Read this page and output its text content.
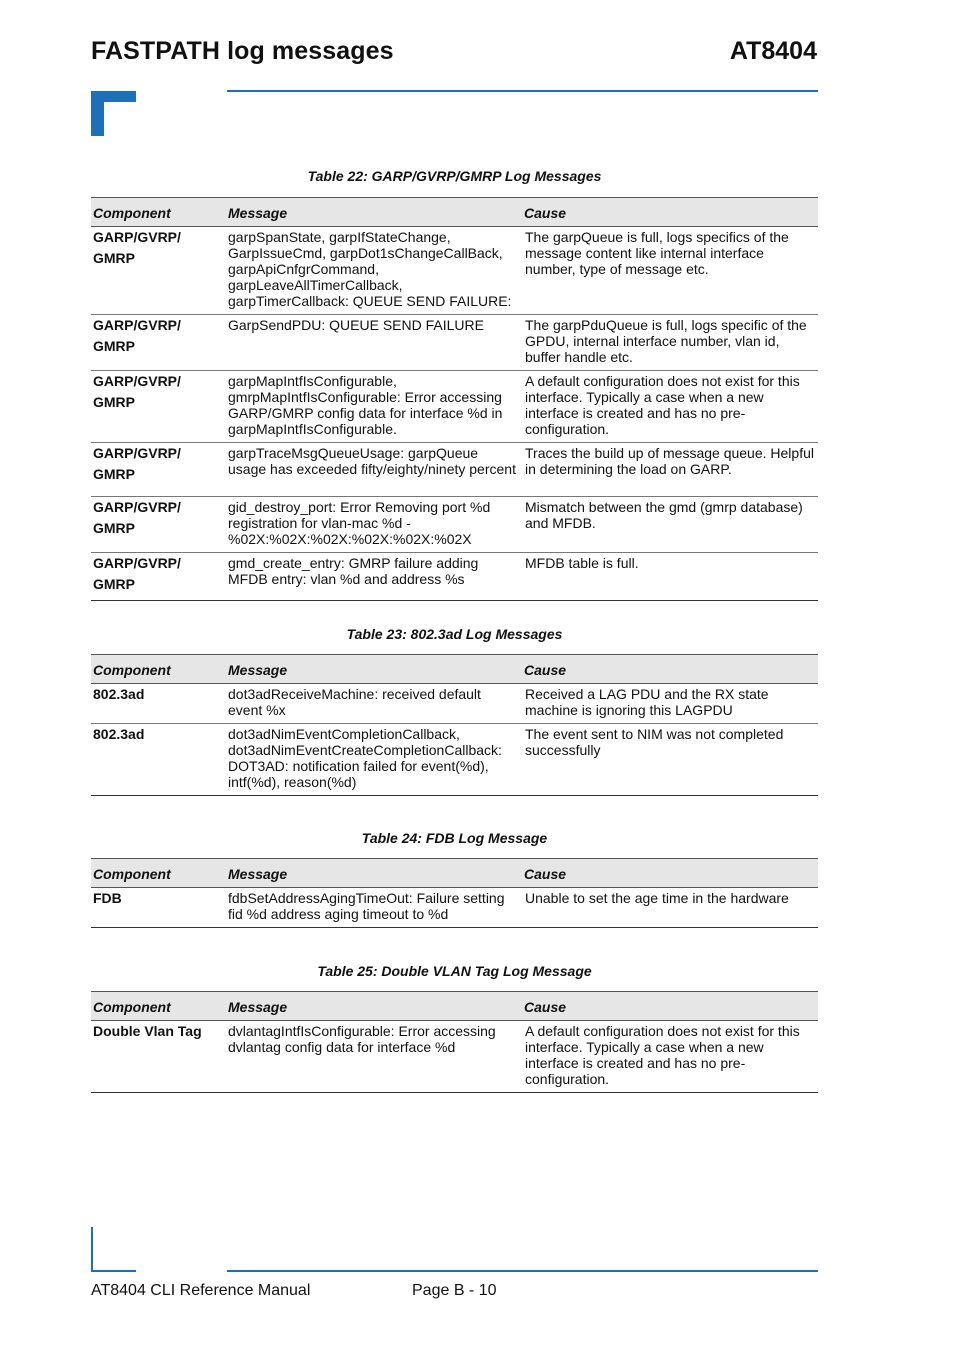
FASTPATH log messages	AT8404
Table 22: GARP/GVRP/GMRP Log Messages
Component	Message	Cause
GARP/GVRP/
GMRP	garpSpanState, garpIfStateChange, GarpIssueCmd, garpDot1sChangeCallBack, garpApiCnfgrCommand, garpLeaveAllTimerCallback, garpTimerCallback: QUEUE SEND FAILURE:	The garpQueue is full, logs specifics of the message content like internal interface number, type of message etc.
GARP/GVRP/
GMRP	GarpSendPDU: QUEUE SEND FAILURE	The garpPduQueue is full, logs specific of the GPDU, internal interface number, vlan id, buffer handle etc.
GARP/GVRP/
GMRP	garpMapIntfIsConfigurable, gmrpMapIntfIsConfigurable: Error accessing GARP/GMRP config data for interface %d in garpMapIntfIsConfigurable.	A default configuration does not exist for this interface. Typically a case when a new interface is created and has no pre-configuration.
GARP/GVRP/
GMRP	garpTraceMsgQueueUsage: garpQueue usage has exceeded fifty/eighty/ninety percent	Traces the build up of message queue. Helpful in determining the load on GARP.
GARP/GVRP/
GMRP	gid_destroy_port: Error Removing port %d registration for vlan-mac %d - %02X:%02X:%02X:%02X:%02X:%02X	Mismatch between the gmd (gmrp database) and MFDB.
GARP/GVRP/
GMRP	gmd_create_entry: GMRP failure adding MFDB entry: vlan %d and address %s	MFDB table is full.
Table 23: 802.3ad Log Messages
Component	Message	Cause
802.3ad	dot3adReceiveMachine: received default event %x	Received a LAG PDU and the RX state machine is ignoring this LAGPDU
802.3ad	dot3adNimEventCompletionCallback, dot3adNimEventCreateCompletionCallback: DOT3AD: notification failed for event(%d), intf(%d), reason(%d)	The event sent to NIM was not completed successfully
Table 24: FDB Log Message
Component	Message	Cause
FDB	fdbSetAddressAgingTimeOut: Failure setting fid %d address aging timeout to %d	Unable to set the age time in the hardware
Table 25: Double VLAN Tag Log Message
Component	Message	Cause
Double Vlan Tag	dvlantagIntfIsConfigurable: Error accessing dvlantag config data for interface %d	A default configuration does not exist for this interface. Typically a case when a new interface is created and has no pre-configuration.
AT8404 CLI Reference Manual	Page B - 10
